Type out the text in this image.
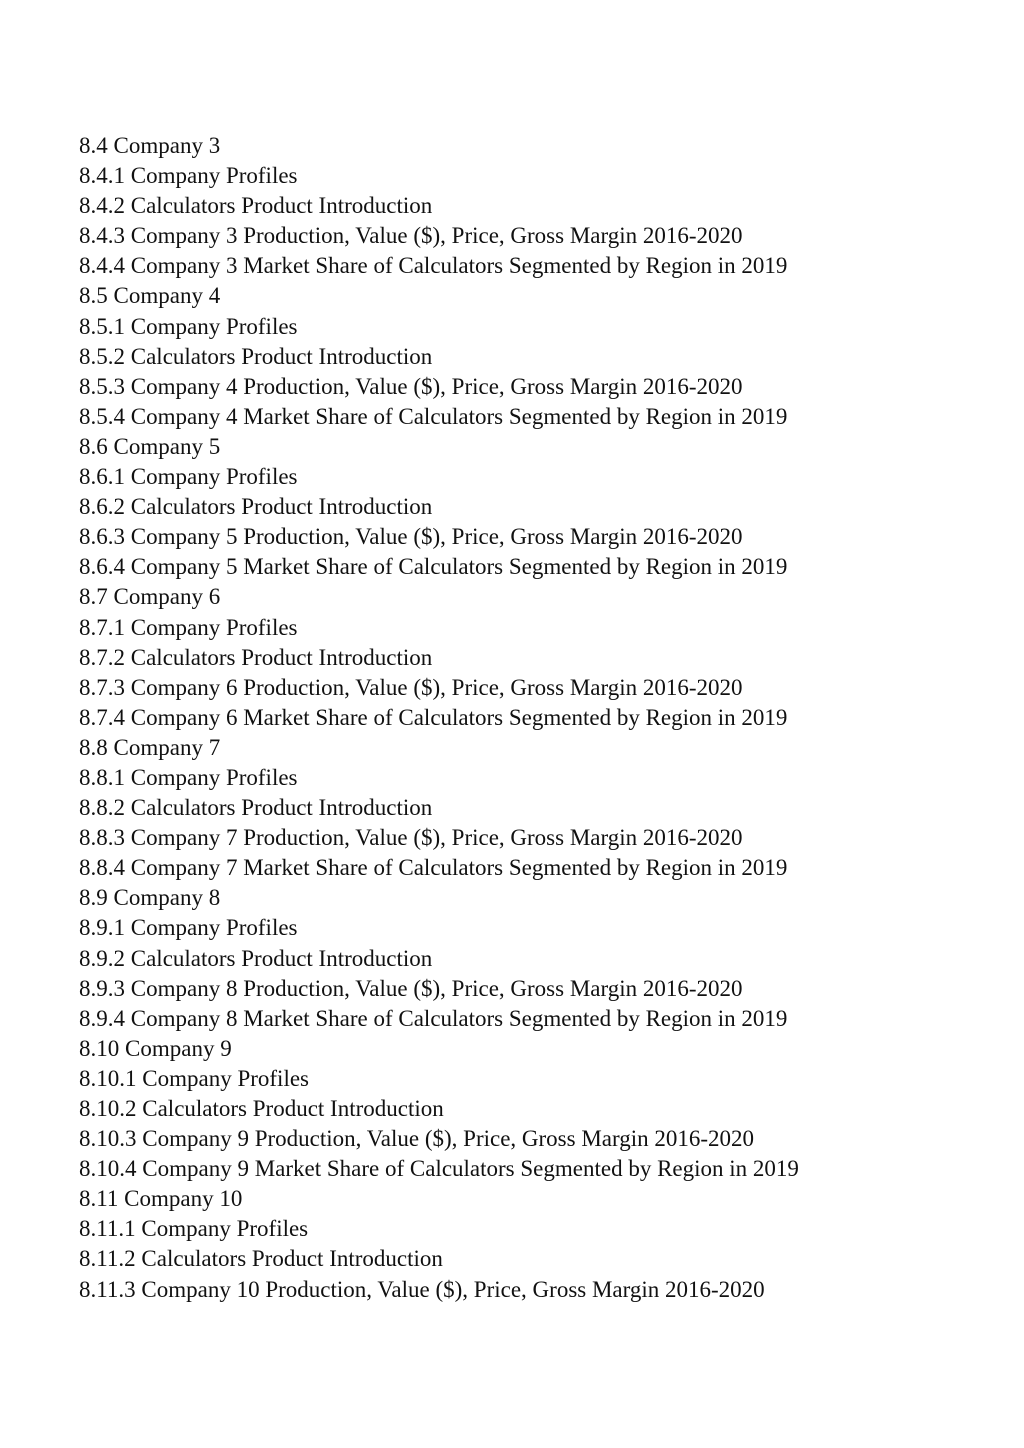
8.4 Company 3
8.4.1 Company Profiles
8.4.2 Calculators Product Introduction
8.4.3 Company 3 Production, Value ($), Price, Gross Margin 2016-2020
8.4.4 Company 3 Market Share of Calculators Segmented by Region in 2019
8.5 Company 4
8.5.1 Company Profiles
8.5.2 Calculators Product Introduction
8.5.3 Company 4 Production, Value ($), Price, Gross Margin 2016-2020
8.5.4 Company 4 Market Share of Calculators Segmented by Region in 2019
8.6 Company 5
8.6.1 Company Profiles
8.6.2 Calculators Product Introduction
8.6.3 Company 5 Production, Value ($), Price, Gross Margin 2016-2020
8.6.4 Company 5 Market Share of Calculators Segmented by Region in 2019
8.7 Company 6
8.7.1 Company Profiles
8.7.2 Calculators Product Introduction
8.7.3 Company 6 Production, Value ($), Price, Gross Margin 2016-2020
8.7.4 Company 6 Market Share of Calculators Segmented by Region in 2019
8.8 Company 7
8.8.1 Company Profiles
8.8.2 Calculators Product Introduction
8.8.3 Company 7 Production, Value ($), Price, Gross Margin 2016-2020
8.8.4 Company 7 Market Share of Calculators Segmented by Region in 2019
8.9 Company 8
8.9.1 Company Profiles
8.9.2 Calculators Product Introduction
8.9.3 Company 8 Production, Value ($), Price, Gross Margin 2016-2020
8.9.4 Company 8 Market Share of Calculators Segmented by Region in 2019
8.10 Company 9
8.10.1 Company Profiles
8.10.2 Calculators Product Introduction
8.10.3 Company 9 Production, Value ($), Price, Gross Margin 2016-2020
8.10.4 Company 9 Market Share of Calculators Segmented by Region in 2019
8.11 Company 10
8.11.1 Company Profiles
8.11.2 Calculators Product Introduction
8.11.3 Company 10 Production, Value ($), Price, Gross Margin 2016-2020
